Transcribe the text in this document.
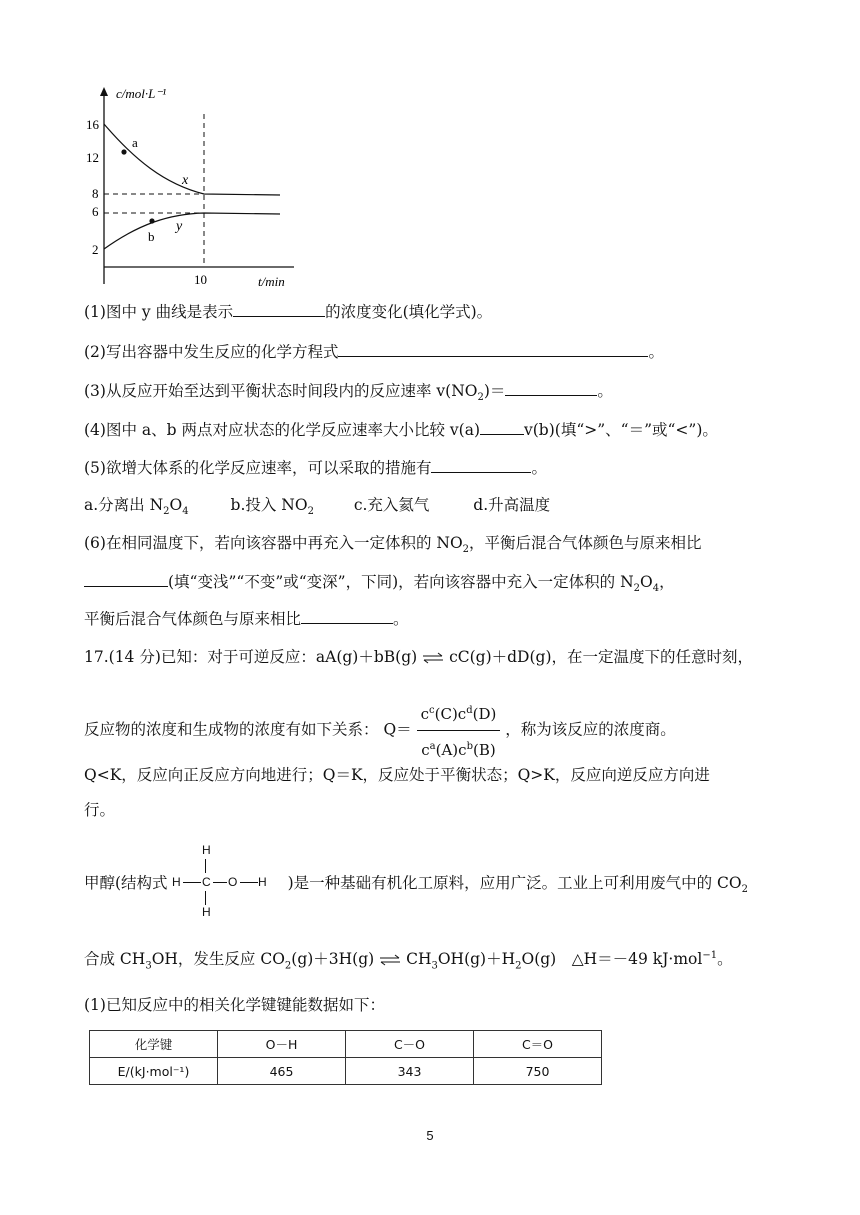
c/mol·L⁻¹
16
12
8
6
2
10	t/min
a
b
x
y
(1)图中 y 曲线是表示	的浓度变化(填化学式)。
(2)写出容器中发生反应的化学方程式	。
(3)从反应开始至达到平衡状态时间段内的反应速率 $v(NO_2)=$	。
(4)图中 a、b 两点对应状态的化学反应速率大小比较 v(a)	v(b)(填“>”、“＝”或“<”)。
(5)欲增大体系的化学反应速率，可以采取的措施有	。
a.分离出 $N_2O_4$	b.投入 $NO_2$	c.充入氦气	d.升高温度
(6)在相同温度下，若向该容器中再充入一定体积的 $NO_2$，平衡后混合气体颜色与原来相比
(填“变浅”“不变”或“变深”，下同)，若向该容器中充入一定体积的 $N_2O_4$，
平衡后混合气体颜色与原来相比	。
17.(14 分)已知：对于可逆反应：aA(g)＋bB(g) ⇌ cC(g)＋dD(g)，在一定温度下的任意时刻，
反应物的浓度和生成物的浓度有如下关系： $Q= \frac{c^c(C)c^d(D)}{c^a(A)c^b(B)}$ ，称为该反应的浓度商。
Q<K，反应向正反应方向地进行；Q＝K，反应处于平衡状态；Q>K，反应向逆反应方向进
行。
甲醇(结构式	)是一种基础有机化工原料，应用广泛。工业上可利用废气中的 $CO_2$
H
H C O H
H
合成 $CH_3OH$，发生反应 $CO_2(g)+3H(g)$ ⇌ $CH_3OH(g)+H_2O(g)$　△H＝－49 kJ·mol$^{-1}$。
(1)已知反应中的相关化学键键能数据如下：
化学键	O－H	C－O	C＝O
E/(kJ·mol⁻¹)	465	343	750
5
